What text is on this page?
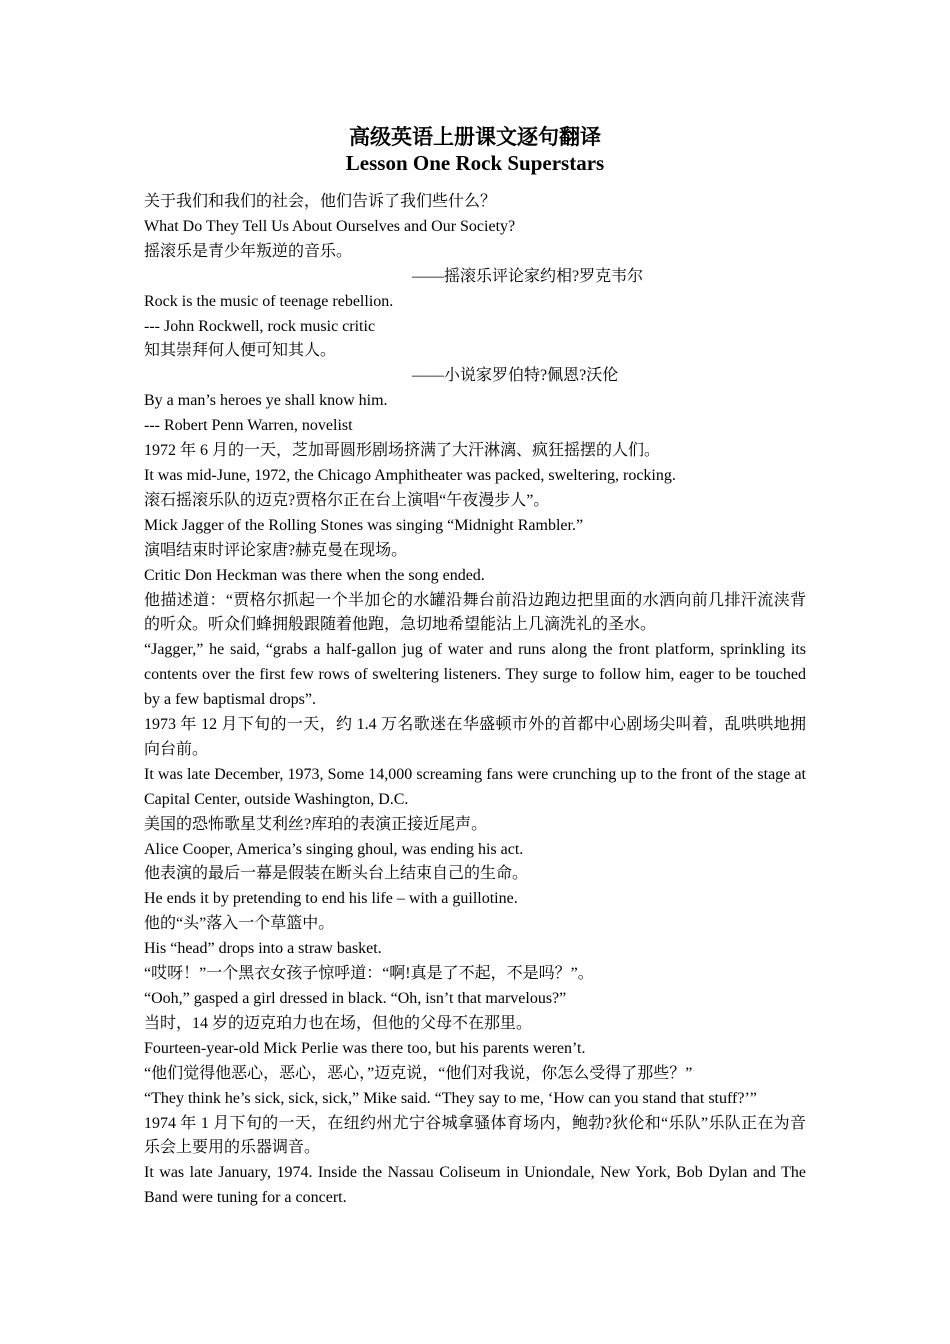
高级英语上册课文逐句翻译

Lesson One Rock Superstars

关于我们和我们的社会，他们告诉了我们些什么？

What Do They Tell Us About Ourselves and Our Society?

摇滚乐是青少年叛逆的音乐。

——摇滚乐评论家约相?罗克韦尔

Rock is the music of teenage rebellion.

--- John Rockwell, rock music critic

知其崇拜何人便可知其人。

——小说家罗伯特?佩恩?沃伦

By a man’s heroes ye shall know him.

--- Robert Penn Warren, novelist

1972 年 6 月的一天，芝加哥圆形剧场挤满了大汗淋漓、疯狂摇摆的人们。

It was mid-June, 1972, the Chicago Amphitheater was packed, sweltering, rocking.

滚石摇滚乐队的迈克?贾格尔正在台上演唱“午夜漫步人”。

Mick Jagger of the Rolling Stones was singing “Midnight Rambler.”

演唱结束时评论家唐?赫克曼在现场。

Critic Don Heckman was there when the song ended.

他描述道：“贾格尔抓起一个半加仑的水罐沿舞台前沿边跑边把里面的水洒向前几排汗流浃背的听众。听众们蜂拥般跟随着他跑，急切地希望能沾上几滴洗礼的圣水。

“Jagger,” he said, “grabs a half-gallon jug of water and runs along the front platform, sprinkling its contents over the first few rows of sweltering listeners. They surge to follow him, eager to be touched by a few baptismal drops”.

1973 年 12 月下旬的一天，约 1.4 万名歌迷在华盛顿市外的首都中心剧场尖叫着，乱哄哄地拥向台前。

It was late December, 1973, Some 14,000 screaming fans were crunching up to the front of the stage at Capital Center, outside Washington, D.C.

美国的恐怖歌星艾利丝?库珀的表演正接近尾声。

Alice Cooper, America’s singing ghoul, was ending his act.

他表演的最后一幕是假装在断头台上结束自己的生命。

He ends it by pretending to end his life – with a guillotine.

他的“头”落入一个草篮中。

His “head” drops into a straw basket.

“哎呀！”一个黑衣女孩子惊呼道：“啊!真是了不起，不是吗？”。

“Ooh,” gasped a girl dressed in black. “Oh, isn’t that marvelous?”

当时，14 岁的迈克珀力也在场，但他的父母不在那里。

Fourteen-year-old Mick Perlie was there too, but his parents weren’t.

“他们觉得他恶心，恶心，恶心，”迈克说，“他们对我说，你怎么受得了那些？”

“They think he’s sick, sick, sick,” Mike said. “They say to me, ‘How can you stand that stuff?’”

1974 年 1 月下旬的一天，在纽约州尤宁谷城拿骚体育场内，鲍勃?狄伦和“乐队”乐队正在为音乐会上要用的乐器调音。

It was late January, 1974. Inside the Nassau Coliseum in Uniondale, New York, Bob Dylan and The Band were tuning for a concert.
